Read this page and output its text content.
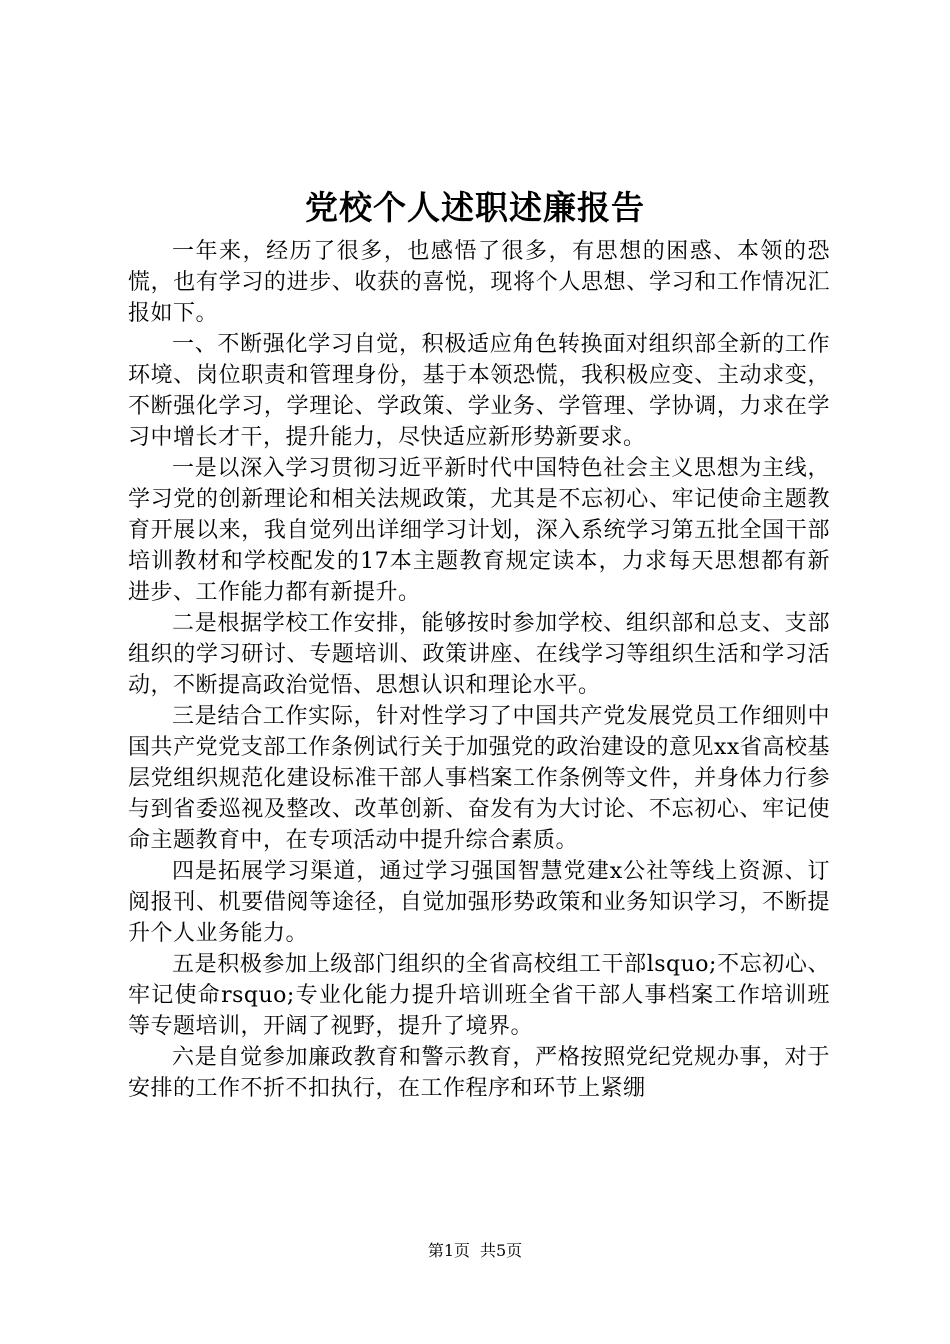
党校个人述职述廉报告

一年来，经历了很多，也感悟了很多，有思想的困惑、本领的恐慌，也有学习的进步、收获的喜悦，现将个人思想、学习和工作情况汇报如下。

一、不断强化学习自觉，积极适应角色转换面对组织部全新的工作环境、岗位职责和管理身份，基于本领恐慌，我积极应变、主动求变，不断强化学习，学理论、学政策、学业务、学管理、学协调，力求在学习中增长才干，提升能力，尽快适应新形势新要求。

一是以深入学习贯彻习近平新时代中国特色社会主义思想为主线，学习党的创新理论和相关法规政策，尤其是不忘初心、牢记使命主题教育开展以来，我自觉列出详细学习计划，深入系统学习第五批全国干部培训教材和学校配发的17本主题教育规定读本，力求每天思想都有新进步、工作能力都有新提升。

二是根据学校工作安排，能够按时参加学校、组织部和总支、支部组织的学习研讨、专题培训、政策讲座、在线学习等组织生活和学习活动，不断提高政治觉悟、思想认识和理论水平。

三是结合工作实际，针对性学习了中国共产党发展党员工作细则中国共产党党支部工作条例试行关于加强党的政治建设的意见xx省高校基层党组织规范化建设标准干部人事档案工作条例等文件，并身体力行参与到省委巡视及整改、改革创新、奋发有为大讨论、不忘初心、牢记使命主题教育中，在专项活动中提升综合素质。

四是拓展学习渠道，通过学习强国智慧党建x公社等线上资源、订阅报刊、机要借阅等途径，自觉加强形势政策和业务知识学习，不断提升个人业务能力。

五是积极参加上级部门组织的全省高校组工干部lsquo;不忘初心、牢记使命rsquo;专业化能力提升培训班全省干部人事档案工作培训班等专题培训，开阔了视野，提升了境界。

六是自觉参加廉政教育和警示教育，严格按照党纪党规办事，对于安排的工作不折不扣执行，在工作程序和环节上紧绷

第1页 共5页
